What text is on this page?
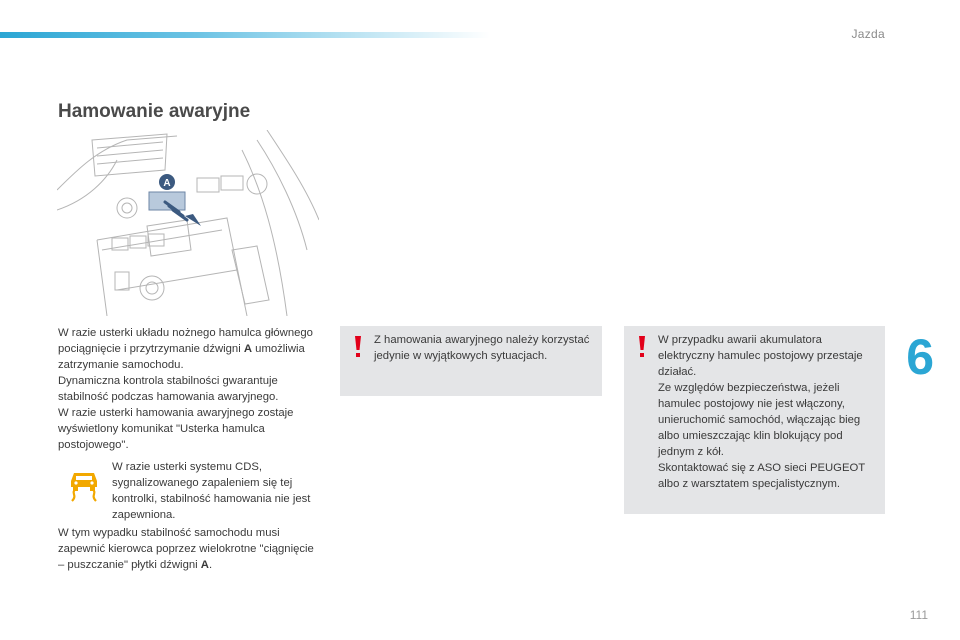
Jazda
Hamowanie awaryjne
A

W razie usterki układu nożnego hamulca głównego pociągnięcie i przytrzymanie dźwigni A umożliwia zatrzymanie samochodu.

Dynamiczna kontrola stabilności gwarantuje stabilność podczas hamowania awaryjnego.

W razie usterki hamowania awaryjnego zostaje wyświetlony komunikat "Usterka hamulca postojowego".

W razie usterki systemu CDS, sygnalizowanego zapaleniem się tej kontrolki, stabilność hamowania nie jest zapewniona.

W tym wypadku stabilność samochodu musi zapewnić kierowca poprzez wielokrotne "ciągnięcie – puszczanie" płytki dźwigni A.

Z hamowania awaryjnego należy korzystać jedynie w wyjątkowych sytuacjach.

W przypadku awarii akumulatora elektryczny hamulec postojowy przestaje działać.

Ze względów bezpieczeństwa, jeżeli hamulec postojowy nie jest włączony, unieruchomić samochód, włączając bieg albo umieszczając klin blokujący pod jednym z kół.

Skontaktować się z ASO sieci PEUGEOT albo z warsztatem specjalistycznym.

6
111
